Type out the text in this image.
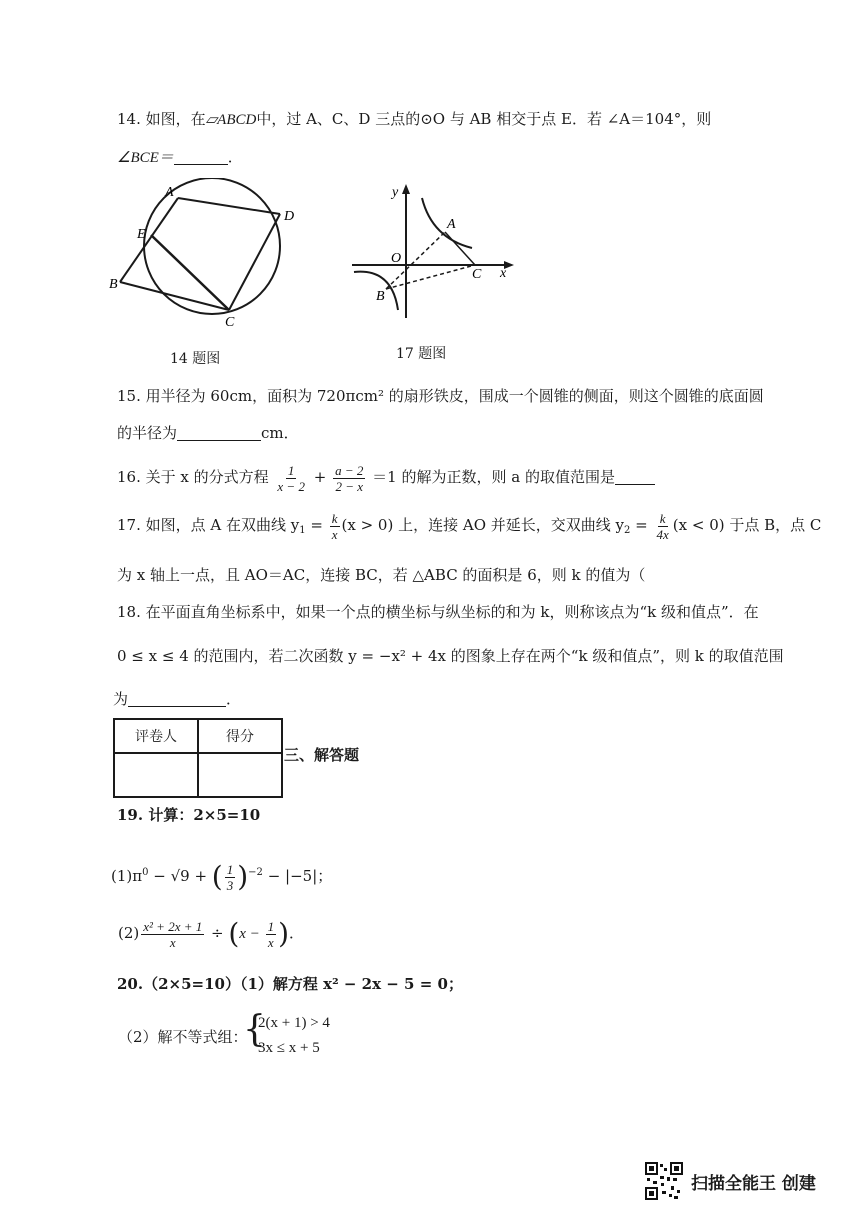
14. 如图，在▱ABCD中，过 A、C、D 三点的⊙O 与 AB 相交于点 E．若 ∠A＝104°，则
∠BCE＝	．
A
D
E
B
C
14 题图
y
x
O
A
B
C
17 题图
15. 用半径为 60cm，面积为 720πcm² 的扇形铁皮，围成一个圆锥的侧面，则这个圆锥的底面圆
的半径为	cm．
16. 关于 x 的分式方程 $\frac{1}{x - 2} + \frac{a - 2}{2 - x} =1$ 的解为正数，则 a 的取值范围是
17. 如图，点 A 在双曲线 $y_1 = \frac{k}{x} (x > 0)$ 上，连接 AO 并延长，交双曲线 $y_2 = \frac{k}{4x} (x < 0)$ 于点 B，点 C
为 x 轴上一点，且 AO＝AC，连接 BC，若 △ABC 的面积是 6，则 k 的值为（
18. 在平面直角坐标系中，如果一个点的横坐标与纵坐标的和为 k，则称该点为“k 级和值点”．在
0 ≤ x ≤ 4 的范围内，若二次函数 y = −x² + 4x 的图象上存在两个“k 级和值点”，则 k 的取值范围
为	．
评卷人	得分

三、解答题
19. 计算：2×5=10
$(1)\pi^0 - √9$ + ( $\frac{1}{3} )^{-2} - |-5|$；
$(2) \frac{\text{x² + 2x + 1}}{x} \div (x - \frac{1}{x}$ )．
20.（2×5=10）（1）解方程 x² − 2x − 5 = 0；
（2）解不等式组：
{
2(x + 1) > 4
3x ≤ x + 5
扫描全能王 创建
